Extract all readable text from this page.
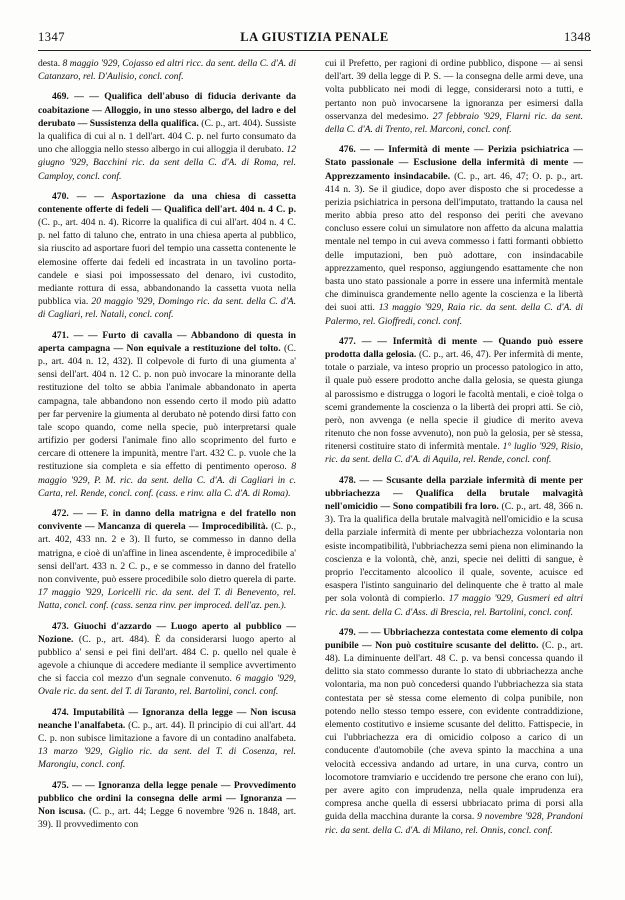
1347	LA GIUSTIZIA PENALE	1348

desta. 8 maggio '929, Cojasso ed altri ricc. da sent. della C. d'A. di Catanzaro, rel. D'Aulisio, concl. conf.

469. — — Qualifica dell'abuso di fiducia derivante da coabitazione — Alloggio, in uno stesso albergo, del ladro e del derubato — Sussistenza della qualifica. (C. p., art. 404). Sussiste la qualifica di cui al n. 1 dell'art. 404 C. p. nel furto consumato da uno che alloggia nello stesso albergo in cui alloggia il derubato. 12 giugno '929, Bacchini ric. da sent della C. d'A. di Roma, rel. Camploy, concl. conf.

470. — — Asportazione da una chiesa di cassetta contenente offerte di fedeli — Qualifica dell'art. 404 n. 4 C. p. (C. p., art. 404 n. 4). Ricorre la qualifica di cui all'art. 404 n. 4 C. p. nel fatto di taluno che, entrato in una chiesa aperta al pubblico, sia riuscito ad asportare fuori del tempio una cassetta contenente le elemosine offerte dai fedeli ed incastrata in un tavolino porta-candele e siasi poi impossessato del denaro, ivi custodito, mediante rottura di essa, abbandonando la cassetta vuota nella pubblica via. 20 maggio '929, Domingo ric. da sent. della C. d'A. di Cagliari, rel. Natali, concl. conf.

471. — — Furto di cavalla — Abbandono di questa in aperta campagna — Non equivale a restituzione del tolto. (C. p., art. 404 n. 12, 432). Il colpevole di furto di una giumenta a' sensi dell'art. 404 n. 12 C. p. non può invocare la minorante della restituzione del tolto se abbia l'animale abbandonato in aperta campagna, tale abbandono non essendo certo il modo più adatto per far pervenire la giumenta al derubato nè potendo dirsi fatto con tale scopo quando, come nella specie, può interpretarsi quale artifizio per godersi l'animale fino allo scoprimento del furto e cercare di ottenere la impunità, mentre l'art. 432 C. p. vuole che la restituzione sia completa e sia effetto di pentimento operoso. 8 maggio '929, P. M. ric. da sent. della C. d'A. di Cagliari in c. Carta, rel. Rende, concl. conf. (cass. e rinv. alla C. d'A. di Roma).

472. — — F. in danno della matrigna e del fratello non convivente — Mancanza di querela — Improcedibilità. (C. p., art. 402, 433 nn. 2 e 3). Il furto, se commesso in danno della matrigna, e cioè di un'affine in linea ascendente, è improcedibile a' sensi dell'art. 433 n. 2 C. p., e se commesso in danno del fratello non convivente, può essere procedibile solo dietro querela di parte. 17 maggio '929, Loricelli ric. da sent. del T. di Benevento, rel. Natta, concl. conf. (cass. senza rinv. per improced. dell'az. pen.).

473. Giuochi d'azzardo — Luogo aperto al pubblico — Nozione. (C. p., art. 484). È da considerarsi luogo aperto al pubblico a' sensi e pei fini dell'art. 484 C. p. quello nel quale è agevole a chiunque di accedere mediante il semplice avvertimento che si faccia col mezzo d'un segnale convenuto. 6 maggio '929, Ovale ric. da sent. del T. di Taranto, rel. Bartolini, concl. conf.

474. Imputabilità — Ignoranza della legge — Non iscusa neanche l'analfabeta. (C. p., art. 44). Il principio di cui all'art. 44 C. p. non subisce limitazione a favore di un contadino analfabeta. 13 marzo '929, Giglio ric. da sent. del T. di Cosenza, rel. Marongiu, concl. conf.

475. — — Ignoranza della legge penale — Provvedimento pubblico che ordini la consegna delle armi — Ignoranza — Non iscusa. (C. p., art. 44; Legge 6 novembre '926 n. 1848, art. 39). Il provvedimento con

cui il Prefetto, per ragioni di ordine pubblico, dispone — ai sensi dell'art. 39 della legge di P. S. — la consegna delle armi deve, una volta pubblicato nei modi di legge, considerarsi noto a tutti, e pertanto non può invocarsene la ignoranza per esimersi dalla osservanza del medesimo. 27 febbraio '929, Flarni ric. da sent. della C. d'A. di Trento, rel. Marconi, concl. conf.

476. — — Infermità di mente — Perizia psichiatrica — Stato passionale — Esclusione della infermità di mente — Apprezzamento insindacabile. (C. p., art. 46, 47; O. p. p., art. 414 n. 3). Se il giudice, dopo aver disposto che si procedesse a perizia psichiatrica in persona dell'imputato, trattando la causa nel merito abbia preso atto del responso dei periti che avevano concluso essere colui un simulatore non affetto da alcuna malattia mentale nel tempo in cui aveva commesso i fatti formanti obbietto delle imputazioni, ben può adottare, con insindacabile apprezzamento, quel responso, aggiungendo esattamente che non basta uno stato passionale a porre in essere una infermità mentale che diminuisca grandemente nello agente la coscienza e la libertà dei suoi atti. 13 maggio '929, Raia ric. da sent. della C. d'A. di Palermo, rel. Gioffredi, concl. conf.

477. — — Infermità di mente — Quando può essere prodotta dalla gelosia. (C. p., art. 46, 47). Per infermità di mente, totale o parziale, va inteso proprio un processo patologico in atto, il quale può essere prodotto anche dalla gelosia, se questa giunga al parossismo e distrugga o logori le facoltà mentali, e cioè tolga o scemi grandemente la coscienza o la libertà dei propri atti. Se ciò, però, non avvenga (e nella specie il giudice di merito aveva ritenuto che non fosse avvenuto), non può la gelosia, per sè stessa, ritenersi costituire stato di infermità mentale. 1° luglio '929, Risio, ric. da sent. della C. d'A. di Aquila, rel. Rende, concl. conf.

478. — — Scusante della parziale infermità di mente per ubbriachezza — Qualifica della brutale malvagità nell'omicidio — Sono compatibili fra loro. (C. p., art. 48, 366 n. 3). Tra la qualifica della brutale malvagità nell'omicidio e la scusa della parziale infermità di mente per ubbriachezza volontaria non esiste incompatibilità, l'ubbriachezza semi piena non eliminando la coscienza e la volontà, chè, anzi, specie nei delitti di sangue, è proprio l'eccitamento alcoolico il quale, sovente, acuisce ed esaspera l'istinto sanguinario del delinquente che è tratto al male per sola volontà di compierlo. 17 maggio '929, Gusmeri ed altri ric. da sent. della C. d'Ass. di Brescia, rel. Bartolini, concl. conf.

479. — — Ubbriachezza contestata come elemento di colpa punibile — Non può costituire scusante del delitto. (C. p., art. 48). La diminuente dell'art. 48 C. p. va bensì concessa quando il delitto sia stato commesso durante lo stato di ubbriachezza anche volontaria, ma non può concedersi quando l'ubbriachezza sia stata contestata per sè stessa come elemento di colpa punibile, non potendo nello stesso tempo essere, con evidente contraddizione, elemento costitutivo e insieme scusante del delitto. Fattispecie, in cui l'ubbriachezza era di omicidio colposo a carico di un conducente d'automobile (che aveva spinto la macchina a una velocità eccessiva andando ad urtare, in una curva, contro un locomotore tramviario e uccidendo tre persone che erano con lui), per avere agito con imprudenza, nella quale imprudenza era compresa anche quella di essersi ubbriacato prima di porsi alla guida della macchina durante la corsa. 9 novembre '928, Prandoni ric. da sent. della C. d'A. di Milano, rel. Onnis, concl. conf.
